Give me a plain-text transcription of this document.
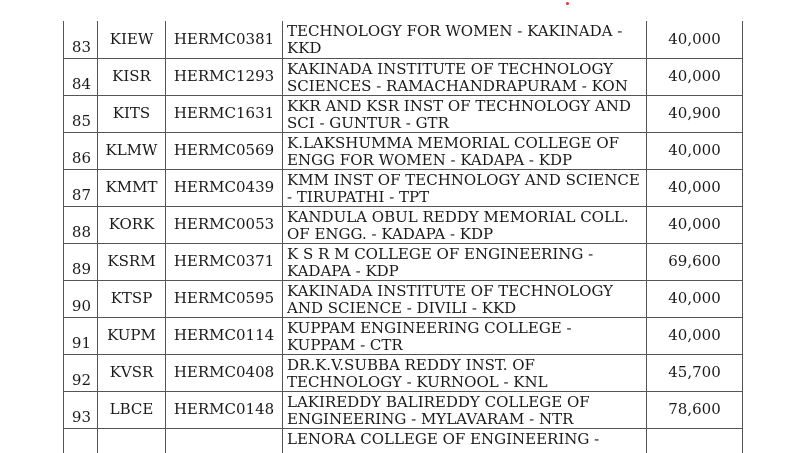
83	KIEW	HERMC0381	TECHNOLOGY FOR WOMEN - KAKINADA -
KKD	40,000
84	KISR	HERMC1293	KAKINADA INSTITUTE OF TECHNOLOGY
SCIENCES - RAMACHANDRAPURAM - KON	40,000
85	KITS	HERMC1631	KKR AND KSR INST OF TECHNOLOGY AND
SCI - GUNTUR - GTR	40,900
86	KLMW	HERMC0569	K.LAKSHUMMA MEMORIAL COLLEGE OF
ENGG FOR WOMEN - KADAPA - KDP	40,000
87	KMMT	HERMC0439	KMM INST OF TECHNOLOGY AND SCIENCE
- TIRUPATHI - TPT	40,000
88	KORK	HERMC0053	KANDULA OBUL REDDY MEMORIAL COLL.
OF ENGG. - KADAPA - KDP	40,000
89	KSRM	HERMC0371	K S R M COLLEGE OF ENGINEERING -
KADAPA - KDP	69,600
90	KTSP	HERMC0595	KAKINADA INSTITUTE OF TECHNOLOGY
AND SCIENCE - DIVILI - KKD	40,000
91	KUPM	HERMC0114	KUPPAM ENGINEERING COLLEGE -
KUPPAM - CTR	40,000
92	KVSR	HERMC0408	DR.K.V.SUBBA REDDY INST. OF
TECHNOLOGY - KURNOOL - KNL	45,700
93	LBCE	HERMC0148	LAKIREDDY BALIREDDY COLLEGE OF
ENGINEERING - MYLAVARAM - NTR	78,600

			LENORA COLLEGE OF ENGINEERING -	
